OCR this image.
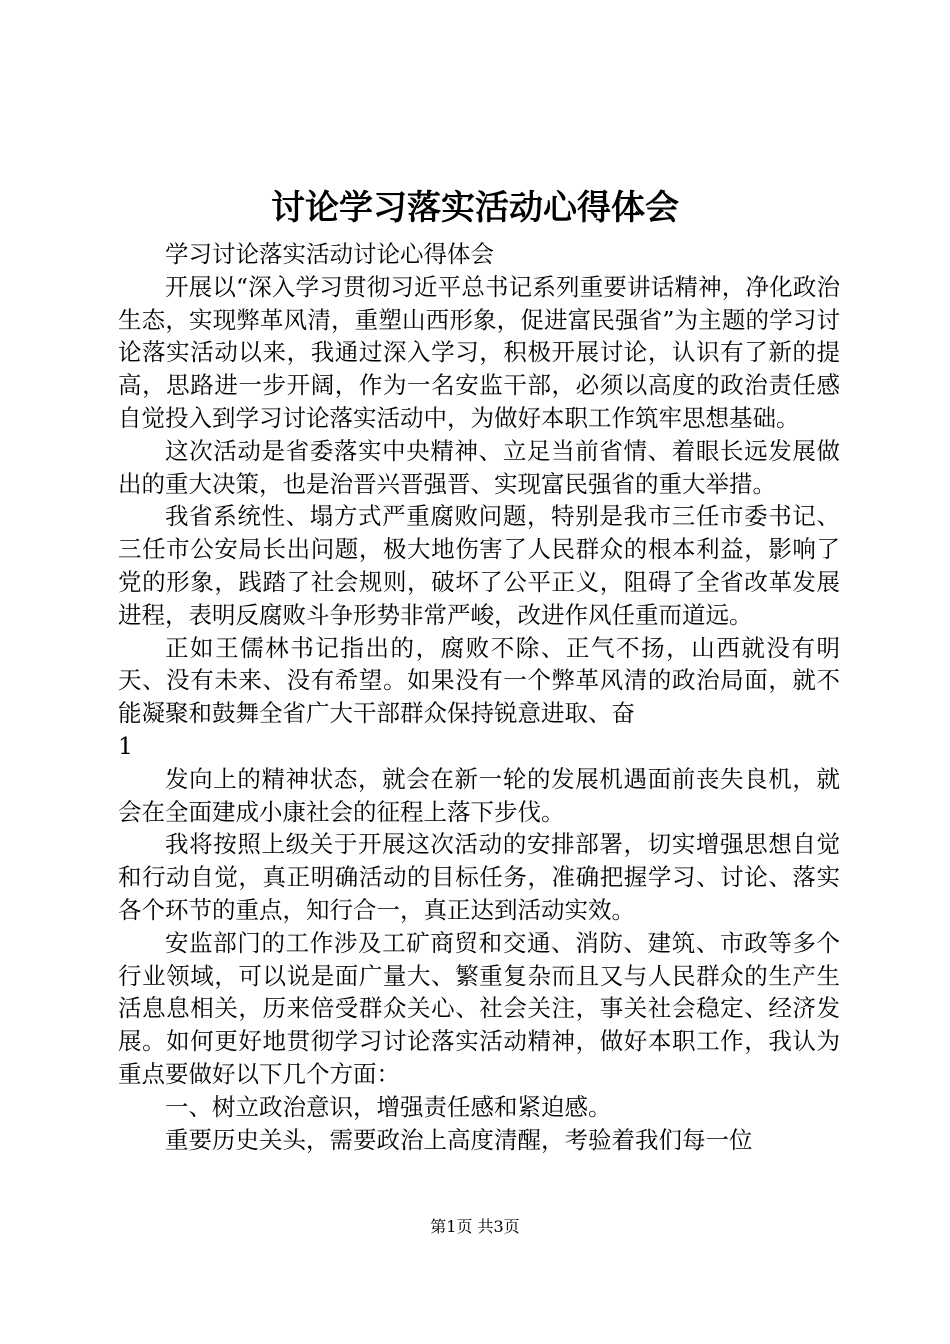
讨论学习落实活动心得体会

学习讨论落实活动讨论心得体会

开展以“深入学习贯彻习近平总书记系列重要讲话精神，净化政治生态，实现弊革风清，重塑山西形象，促进富民强省”为主题的学习讨论落实活动以来，我通过深入学习，积极开展讨论，认识有了新的提高，思路进一步开阔，作为一名安监干部，必须以高度的政治责任感自觉投入到学习讨论落实活动中，为做好本职工作筑牢思想基础。

这次活动是省委落实中央精神、立足当前省情、着眼长远发展做出的重大决策，也是治晋兴晋强晋、实现富民强省的重大举措。

我省系统性、塌方式严重腐败问题，特别是我市三任市委书记、三任市公安局长出问题，极大地伤害了人民群众的根本利益，影响了党的形象，践踏了社会规则，破坏了公平正义，阻碍了全省改革发展进程，表明反腐败斗争形势非常严峻，改进作风任重而道远。

正如王儒林书记指出的，腐败不除、正气不扬，山西就没有明天、没有未来、没有希望。如果没有一个弊革风清的政治局面，就不能凝聚和鼓舞全省广大干部群众保持锐意进取、奋

1

发向上的精神状态，就会在新一轮的发展机遇面前丧失良机，就会在全面建成小康社会的征程上落下步伐。

我将按照上级关于开展这次活动的安排部署，切实增强思想自觉和行动自觉，真正明确活动的目标任务，准确把握学习、讨论、落实各个环节的重点，知行合一，真正达到活动实效。

安监部门的工作涉及工矿商贸和交通、消防、建筑、市政等多个行业领域，可以说是面广量大、繁重复杂而且又与人民群众的生产生活息息相关，历来倍受群众关心、社会关注，事关社会稳定、经济发展。如何更好地贯彻学习讨论落实活动精神，做好本职工作，我认为重点要做好以下几个方面：

一、树立政治意识，增强责任感和紧迫感。

重要历史关头，需要政治上高度清醒，考验着我们每一位

第1页 共3页
